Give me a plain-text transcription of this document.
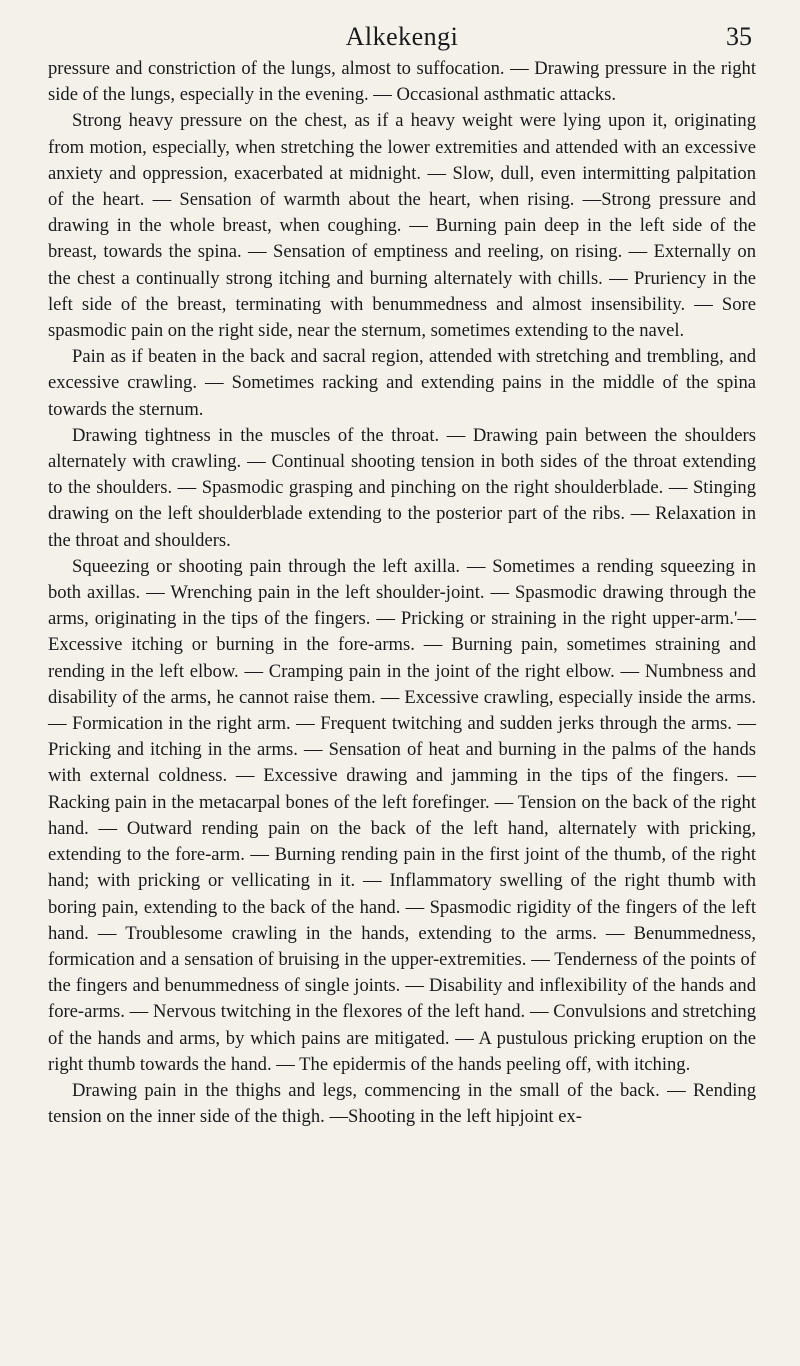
Alkekengi	35

pressure and constriction of the lungs, almost to suffocation. — Drawing pressure in the right side of the lungs, especially in the evening. — Occasional asthmatic attacks.

Strong heavy pressure on the chest, as if a heavy weight were lying upon it, originating from motion, especially, when stretching the lower extremities and attended with an excessive anxiety and oppression, exacerbated at midnight. — Slow, dull, even intermitting palpitation of the heart. — Sensation of warmth about the heart, when rising. —Strong pressure and drawing in the whole breast, when coughing. — Burning pain deep in the left side of the breast, towards the spina. — Sensation of emptiness and reeling, on rising. — Externally on the chest a continually strong itching and burning alternately with chills. — Pruriency in the left side of the breast, terminating with benummedness and almost insensibility. — Sore spasmodic pain on the right side, near the sternum, sometimes extending to the navel.

Pain as if beaten in the back and sacral region, attended with stretching and trembling, and excessive crawling. — Sometimes racking and extending pains in the middle of the spina towards the sternum.

Drawing tightness in the muscles of the throat. — Drawing pain between the shoulders alternately with crawling. — Continual shooting tension in both sides of the throat extending to the shoulders. — Spasmodic grasping and pinching on the right shoulderblade. — Stinging drawing on the left shoulderblade extending to the posterior part of the ribs. — Relaxation in the throat and shoulders.

Squeezing or shooting pain through the left axilla. — Sometimes a rending squeezing in both axillas. — Wrenching pain in the left shoulder-joint. — Spasmodic drawing through the arms, originating in the tips of the fingers. — Pricking or straining in the right upper-arm.'— Excessive itching or burning in the fore-arms. — Burning pain, sometimes straining and rending in the left elbow. — Cramping pain in the joint of the right elbow. — Numbness and disability of the arms, he cannot raise them. — Excessive crawling, especially inside the arms. — Formication in the right arm. — Frequent twitching and sudden jerks through the arms. — Pricking and itching in the arms. — Sensation of heat and burning in the palms of the hands with external coldness. — Excessive drawing and jamming in the tips of the fingers. — Racking pain in the metacarpal bones of the left forefinger. — Tension on the back of the right hand. — Outward rending pain on the back of the left hand, alternately with pricking, extending to the fore-arm. — Burning rending pain in the first joint of the thumb, of the right hand; with pricking or vellicating in it. — Inflammatory swelling of the right thumb with boring pain, extending to the back of the hand. — Spasmodic rigidity of the fingers of the left hand. — Troublesome crawling in the hands, extending to the arms. — Benummedness, formication and a sensation of bruising in the upper-extremities. — Tenderness of the points of the fingers and benummedness of single joints. — Disability and inflexibility of the hands and fore-arms. — Nervous twitching in the flexores of the left hand. — Convulsions and stretching of the hands and arms, by which pains are mitigated. — A pustulous pricking eruption on the right thumb towards the hand. — The epidermis of the hands peeling off, with itching.

Drawing pain in the thighs and legs, commencing in the small of the back. — Rending tension on the inner side of the thigh. —Shooting in the left hipjoint ex-
